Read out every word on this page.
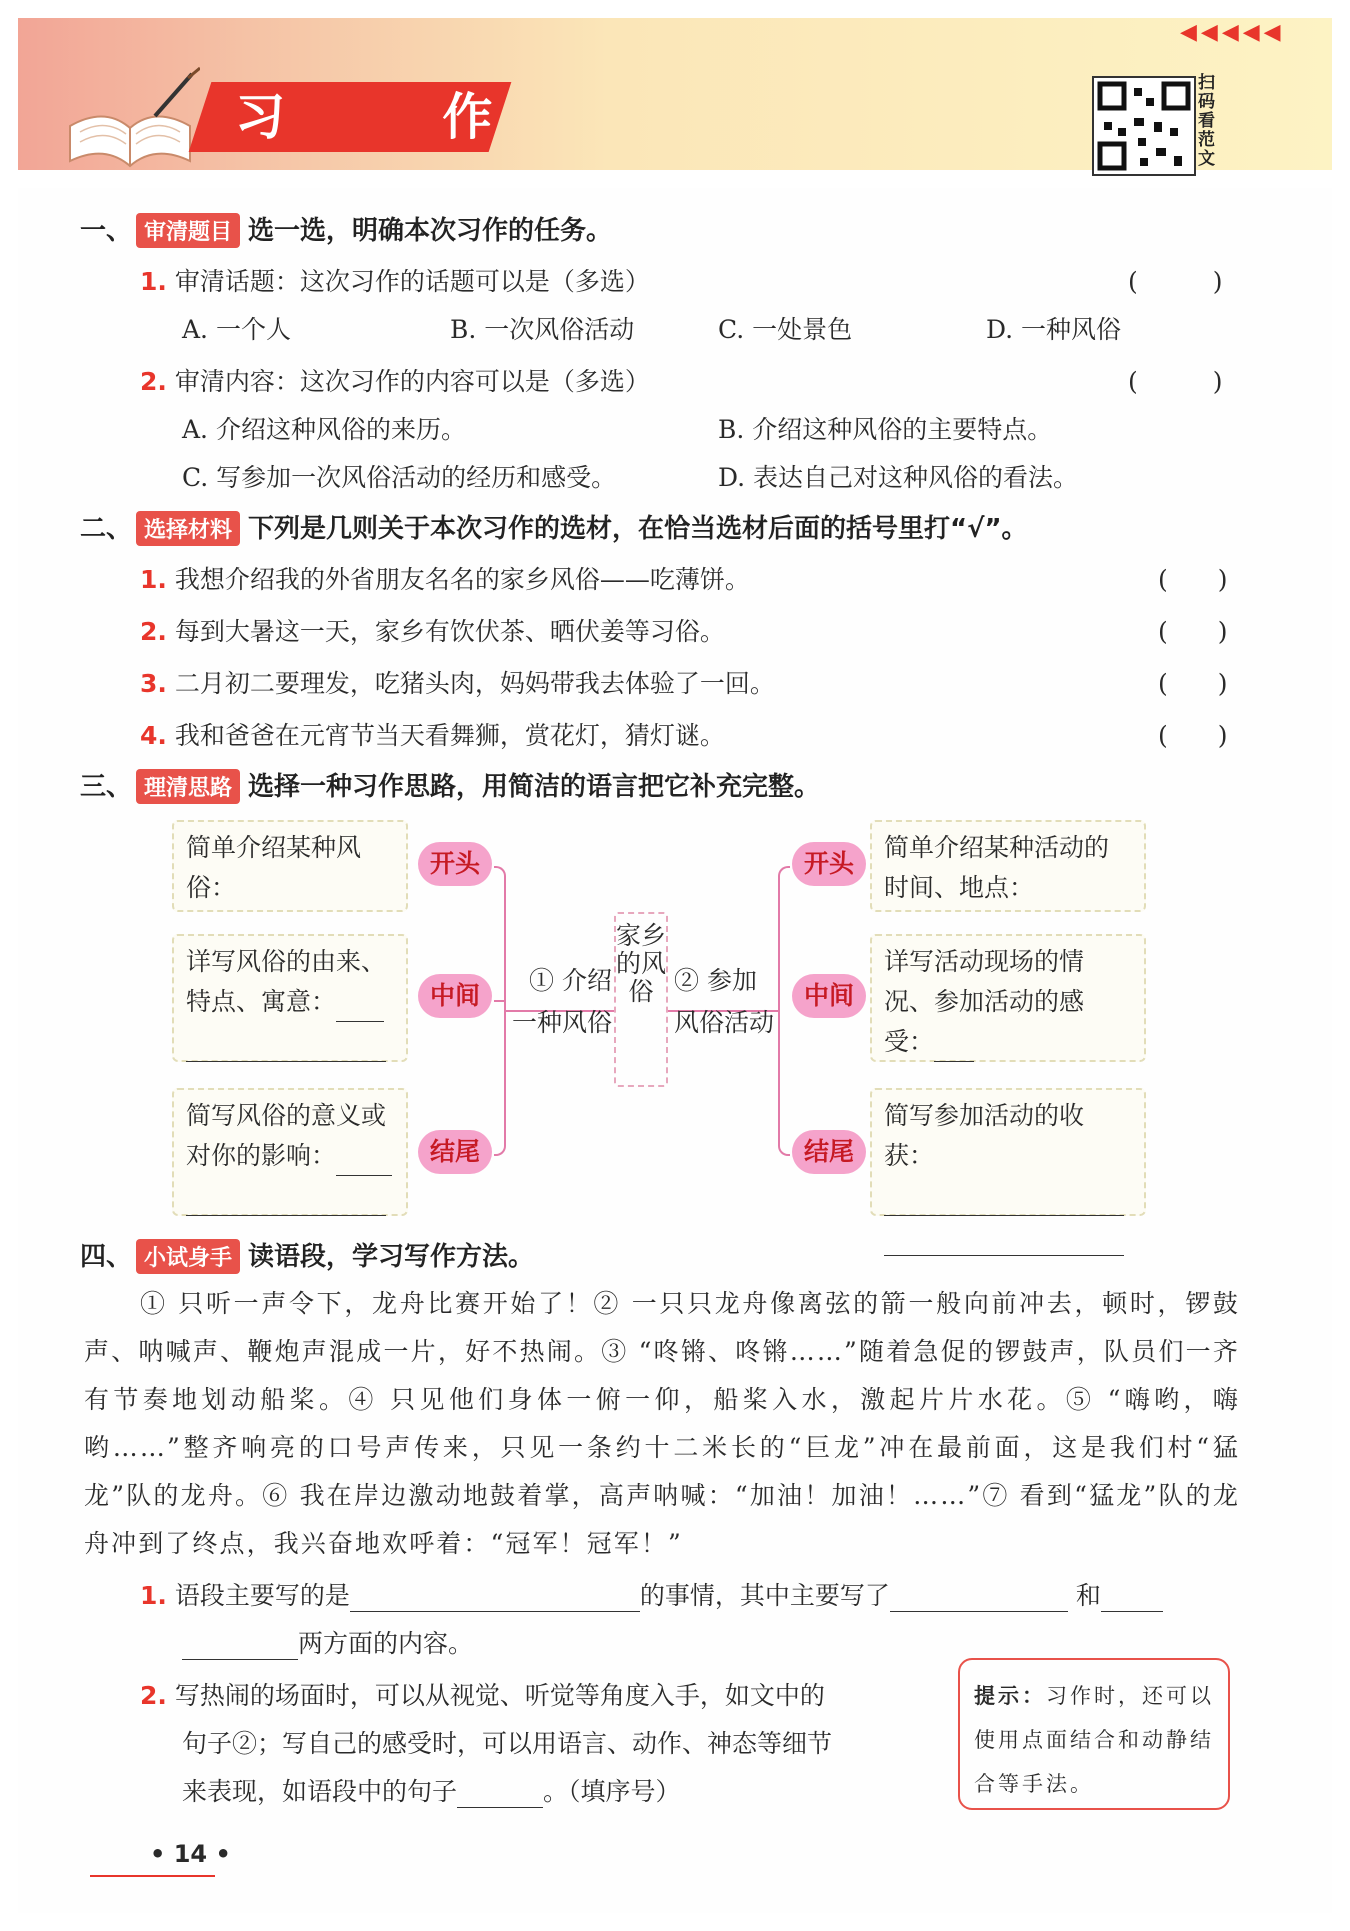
习 作
◀◀◀◀◀
扫码看范文
一、 审清题目 选一选，明确本次习作的任务。
1. 审清话题：这次习作的话题可以是（多选）	(　　　)
A. 一个人	B. 一次风俗活动	C. 一处景色	D. 一种风俗
2. 审清内容：这次习作的内容可以是（多选）	(　　　)
A. 介绍这种风俗的来历。	B. 介绍这种风俗的主要特点。
C. 写参加一次风俗活动的经历和感受。	D. 表达自己对这种风俗的看法。
二、 选择材料 下列是几则关于本次习作的选材，在恰当选材后面的括号里打“√”。
1. 我想介绍我的外省朋友名名的家乡风俗——吃薄饼。	(　　)
2. 每到大暑这一天，家乡有饮伏茶、晒伏姜等习俗。	(　　)
3. 二月初二要理发，吃猪头肉，妈妈带我去体验了一回。	(　　)
4. 我和爸爸在元宵节当天看舞狮，赏花灯，猜灯谜。	(　　)
三、 理清思路 选择一种习作思路，用简洁的语言把它补充完整。
简单介绍某种风俗：
详写风俗的由来、特点、寓意：
简写风俗的意义或对你的影响：
简单介绍某种活动的时间、地点：
详写活动现场的情况、参加活动的感受：
简写参加活动的收获：
开头
中间
结尾
开头
中间
结尾
① 介绍
一种风俗
② 参加
风俗活动
家乡的风俗
四、 小试身手 读语段，学习写作方法。
① 只听一声令下，龙舟比赛开始了！② 一只只龙舟像离弦的箭一般向前冲去，顿时，锣鼓声、呐喊声、鞭炮声混成一片，好不热闹。③ “咚锵、咚锵……”随着急促的锣鼓声，队员们一齐有节奏地划动船桨。④ 只见他们身体一俯一仰，船桨入水，激起片片水花。⑤ “嗨哟，嗨哟……”整齐响亮的口号声传来，只见一条约十二米长的“巨龙”冲在最前面，这是我们村“猛龙”队的龙舟。⑥ 我在岸边激动地鼓着掌，高声呐喊：“加油！加油！……”⑦ 看到“猛龙”队的龙舟冲到了终点，我兴奋地欢呼着：“冠军！冠军！”
1. 语段主要写的是	的事情，其中主要写了	和
两方面的内容。
2. 写热闹的场面时，可以从视觉、听觉等角度入手，如文中的
句子②；写自己的感受时，可以用语言、动作、神态等细节
来表现，如语段中的句子	。（填序号）
提示：习作时，还可以使用点面结合和动静结合等手法。
• 14 •
